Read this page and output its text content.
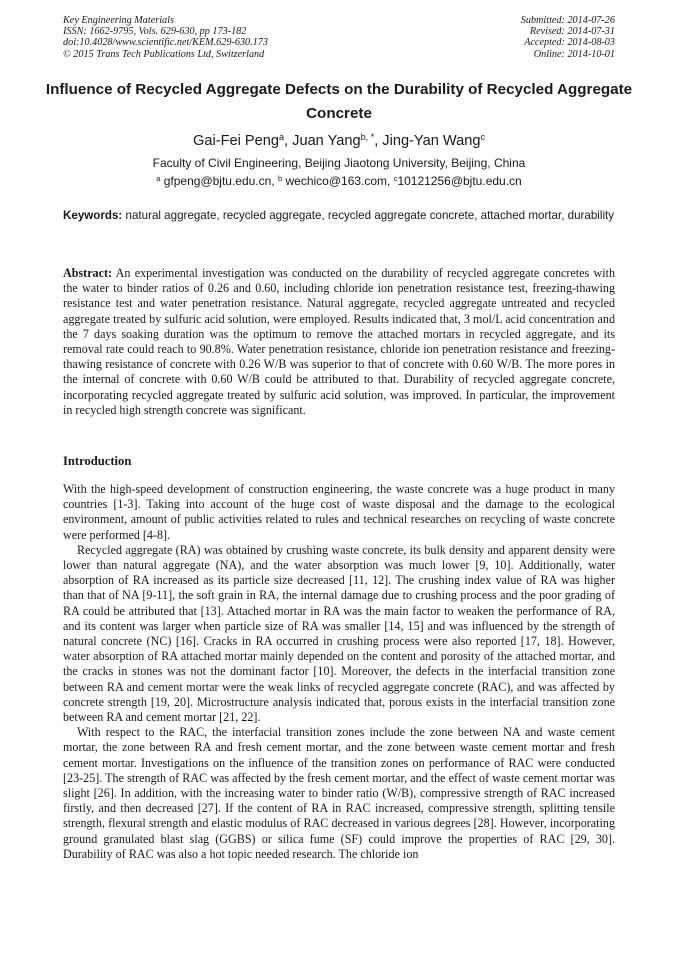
Key Engineering Materials
ISSN: 1662-9795, Vols. 629-630, pp 173-182
doi:10.4028/www.scientific.net/KEM.629-630.173
© 2015 Trans Tech Publications Ltd, Switzerland
Submitted: 2014-07-26
Revised: 2014-07-31
Accepted: 2014-08-03
Online: 2014-10-01
Influence of Recycled Aggregate Defects on the Durability of Recycled Aggregate Concrete
Gai-Fei Peng$^a$, Juan Yang$^{b, *}$, Jing-Yan Wang$^c$
Faculty of Civil Engineering, Beijing Jiaotong University, Beijing, China
$^a$ gfpeng@bjtu.edu.cn, $^b$ wechico@163.com, $^c$10121256@bjtu.edu.cn
Keywords: natural aggregate, recycled aggregate, recycled aggregate concrete, attached mortar, durability

Abstract: An experimental investigation was conducted on the durability of recycled aggregate concretes with the water to binder ratios of 0.26 and 0.60, including chloride ion penetration resistance test, freezing-thawing resistance test and water penetration resistance. Natural aggregate, recycled aggregate untreated and recycled aggregate treated by sulfuric acid solution, were employed. Results indicated that, 3 mol/L acid concentration and the 7 days soaking duration was the optimum to remove the attached mortars in recycled aggregate, and its removal rate could reach to 90.8%. Water penetration resistance, chloride ion penetration resistance and freezing-thawing resistance of concrete with 0.26 W/B was superior to that of concrete with 0.60 W/B. The more pores in the internal of concrete with 0.60 W/B could be attributed to that. Durability of recycled aggregate concrete, incorporating recycled aggregate treated by sulfuric acid solution, was improved. In particular, the improvement in recycled high strength concrete was significant.

Introduction

With the high-speed development of construction engineering, the waste concrete was a huge product in many countries [1-3]. Taking into account of the huge cost of waste disposal and the damage to the ecological environment, amount of public activities related to rules and technical researches on recycling of waste concrete were performed [4-8].

Recycled aggregate (RA) was obtained by crushing waste concrete, its bulk density and apparent density were lower than natural aggregate (NA), and the water absorption was much lower [9, 10]. Additionally, water absorption of RA increased as its particle size decreased [11, 12]. The crushing index value of RA was higher than that of NA [9-11], the soft grain in RA, the internal damage due to crushing process and the poor grading of RA could be attributed that [13]. Attached mortar in RA was the main factor to weaken the performance of RA, and its content was larger when particle size of RA was smaller [14, 15] and was influenced by the strength of natural concrete (NC) [16]. Cracks in RA occurred in crushing process were also reported [17, 18]. However, water absorption of RA attached mortar mainly depended on the content and porosity of the attached mortar, and the cracks in stones was not the dominant factor [10]. Moreover, the defects in the interfacial transition zone between RA and cement mortar were the weak links of recycled aggregate concrete (RAC), and was affected by concrete strength [19, 20]. Microstructure analysis indicated that, porous exists in the interfacial transition zone between RA and cement mortar [21, 22].

With respect to the RAC, the interfacial transition zones include the zone between NA and waste cement mortar, the zone between RA and fresh cement mortar, and the zone between waste cement mortar and fresh cement mortar. Investigations on the influence of the transition zones on performance of RAC were conducted [23-25]. The strength of RAC was affected by the fresh cement mortar, and the effect of waste cement mortar was slight [26]. In addition, with the increasing water to binder ratio (W/B), compressive strength of RAC increased firstly, and then decreased [27]. If the content of RA in RAC increased, compressive strength, splitting tensile strength, flexural strength and elastic modulus of RAC decreased in various degrees [28]. However, incorporating ground granulated blast slag (GGBS) or silica fume (SF) could improve the properties of RAC [29, 30]. Durability of RAC was also a hot topic needed research. The chloride ion
